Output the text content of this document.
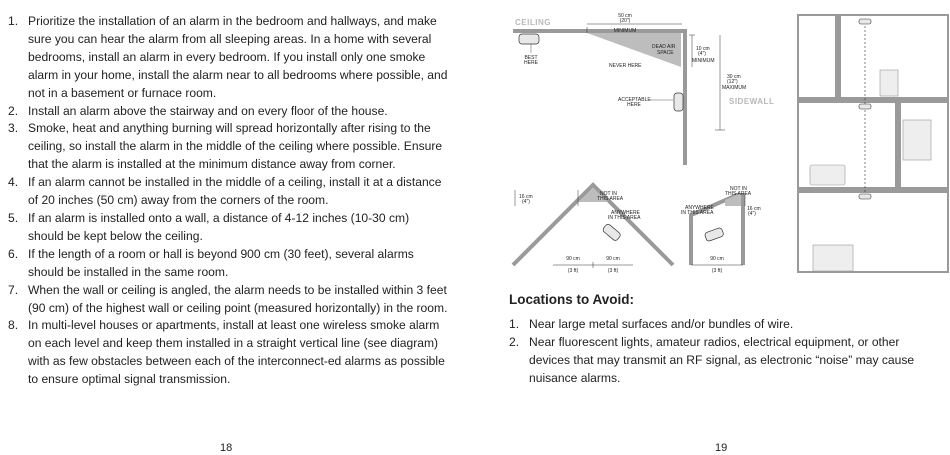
1. Prioritize the installation of an alarm in the bedroom and hallways, and make sure you can hear the alarm from all sleeping areas. In a home with several bedrooms, install an alarm in every bedroom. If you install only one smoke alarm in your home, install the alarm near to all bedrooms where possible, and not in a basement or furnace room.
2. Install an alarm above the stairway and on every floor of the house.
3. Smoke, heat and anything burning will spread horizontally after rising to the ceiling, so install the alarm in the middle of the ceiling where possible. Ensure that the alarm is installed at the minimum distance away from corner.
4. If an alarm cannot be installed in the middle of a ceiling, install it at a distance of 20 inches (50 cm) away from the corners of the room.
5. If an alarm is installed onto a wall, a distance of 4-12 inches (10-30 cm) should be kept below the ceiling.
6. If the length of a room or hall is beyond 900 cm (30 feet), several alarms should be installed in the same room.
7. When the wall or ceiling is angled, the alarm needs to be installed within 3 feet (90 cm) of the highest wall or ceiling point (measured horizontally) in the room.
8. In multi-level houses or apartments, install at least one wireless smoke alarm on each level and keep them installed in a straight vertical line (see diagram) with as few obstacles between each of the interconnect-ed alarms as possible to ensure optimal signal transmission.
18
CEILING
SIDEWALL
BEST
HERE
50 cm
(20")
MINIMUM
DEAD AIR
SPACE
NEVER HERE
10 cm
(4")
MINIMUM
30 cm
(12")
MAXIMUM
ACCEPTABLE
HERE
16 cm
(4")
NOT IN
THIS AREA
ANYWHERE
IN THIS AREA
90 cm
(3 ft)
90 cm
(3 ft)
ANYWHERE
IN THIS AREA
NOT IN
THIS AREA
16 cm
(4")
90 cm
(3 ft)
Locations to Avoid:
1. Near large metal surfaces and/or bundles of wire.
2. Near fluorescent lights, amateur radios, electrical equipment, or other devices that may transmit an RF signal, as electronic “noise” may cause nuisance alarms.
19
